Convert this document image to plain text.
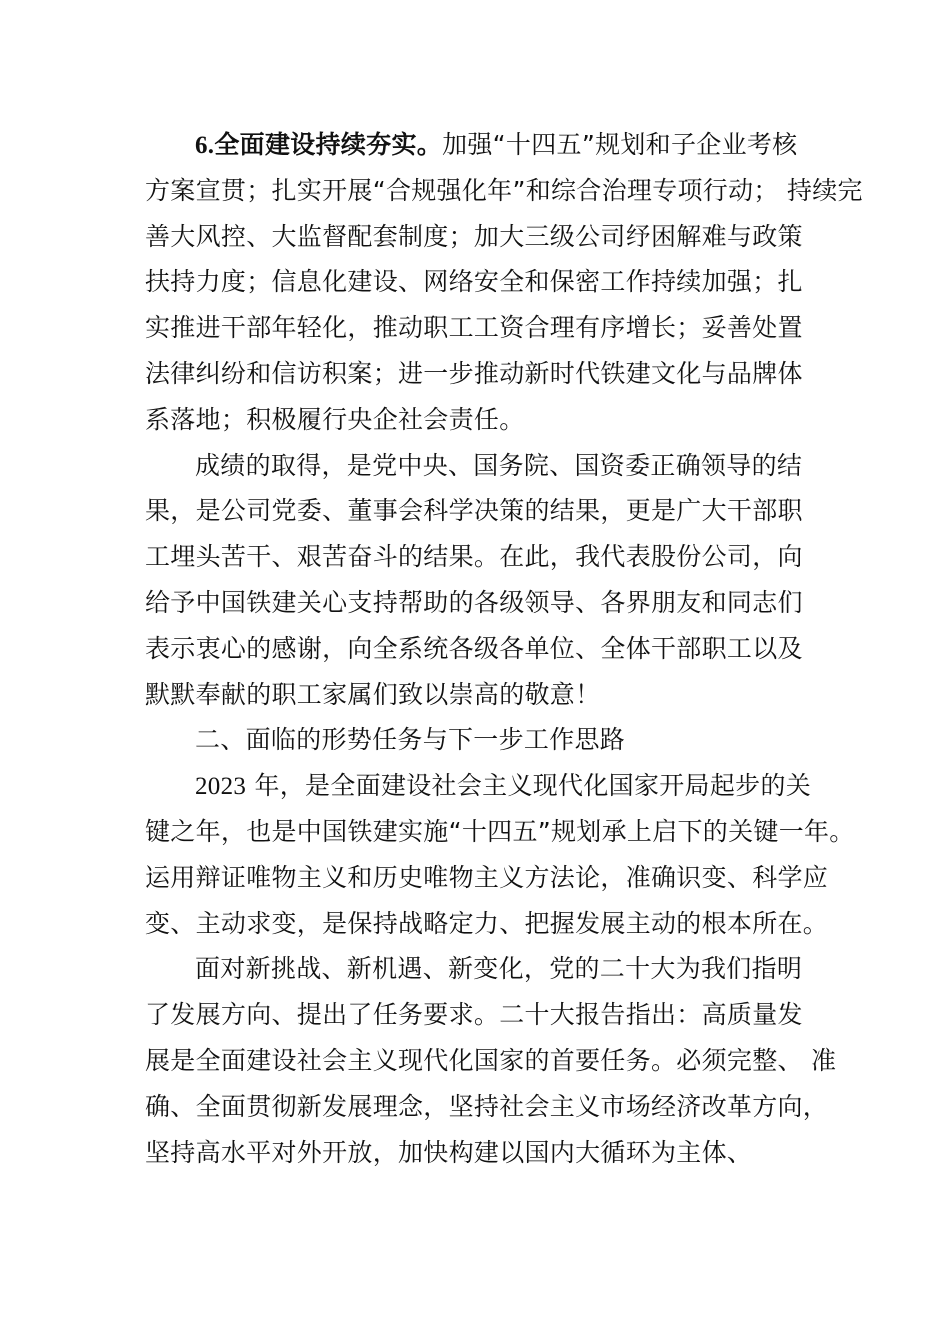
6.全面建设持续夯实。加强“十四五”规划和子企业考核
方案宣贯；扎实开展“合规强化年”和综合治理专项行动； 持续完
善大风控、大监督配套制度；加大三级公司纾困解难与政策
扶持力度；信息化建设、网络安全和保密工作持续加强；扎
实推进干部年轻化，推动职工工资合理有序增长；妥善处置
法律纠纷和信访积案；进一步推动新时代铁建文化与品牌体
系落地；积极履行央企社会责任。
成绩的取得，是党中央、国务院、国资委正确领导的结
果，是公司党委、董事会科学决策的结果，更是广大干部职
工埋头苦干、艰苦奋斗的结果。在此，我代表股份公司，向
给予中国铁建关心支持帮助的各级领导、各界朋友和同志们
表示衷心的感谢，向全系统各级各单位、全体干部职工以及
默默奉献的职工家属们致以崇高的敬意！
二、面临的形势任务与下一步工作思路
2023 年，是全面建设社会主义现代化国家开局起步的关
键之年，也是中国铁建实施“十四五”规划承上启下的关键一年。
运用辩证唯物主义和历史唯物主义方法论，准确识变、科学应
变、主动求变，是保持战略定力、把握发展主动的根本所在。
面对新挑战、新机遇、新变化，党的二十大为我们指明
了发展方向、提出了任务要求。二十大报告指出：高质量发
展是全面建设社会主义现代化国家的首要任务。必须完整、 准
确、全面贯彻新发展理念，坚持社会主义市场经济改革方向，
坚持高水平对外开放，加快构建以国内大循环为主体、
